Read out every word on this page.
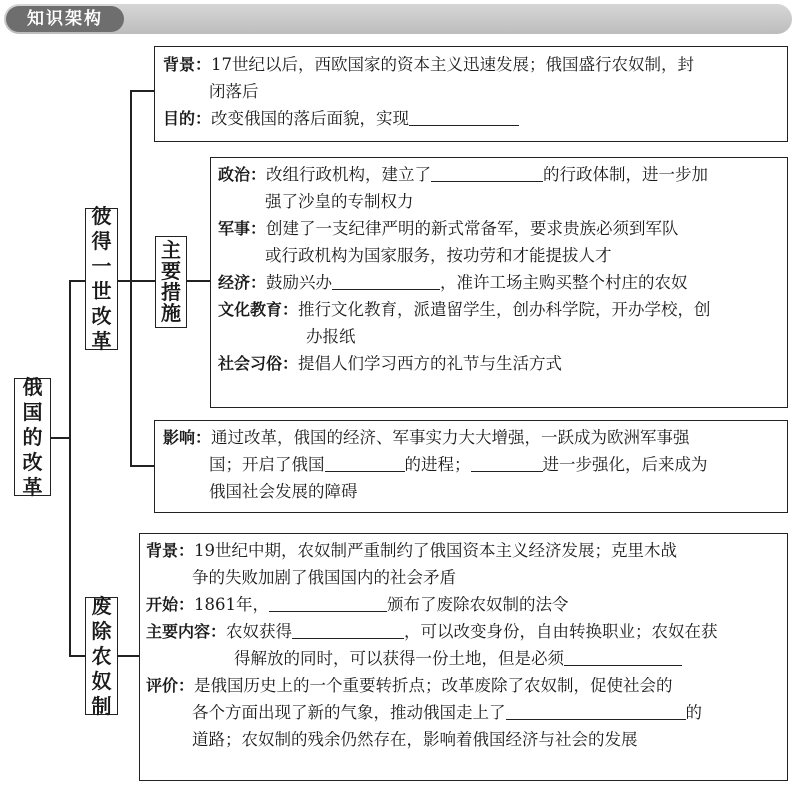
知识架构
俄
国
的
改
革
彼
得
一
世
改
革
废
除
农
奴
制
主
要
措
施
背景：17世纪以后，西欧国家的资本主义迅速发展；俄国盛行农奴制，封
闭落后
目的：改变俄国的落后面貌，实现
政治：改组行政机构，建立了	的行政体制，进一步加
强了沙皇的专制权力
军事：创建了一支纪律严明的新式常备军，要求贵族必须到军队
或行政机构为国家服务，按功劳和才能提拔人才
经济：鼓励兴办	，准许工场主购买整个村庄的农奴
文化教育：推行文化教育，派遣留学生，创办科学院，开办学校，创
办报纸
社会习俗：提倡人们学习西方的礼节与生活方式
影响：通过改革，俄国的经济、军事实力大大增强，一跃成为欧洲军事强
国；开启了俄国	的进程；	进一步强化，后来成为
俄国社会发展的障碍
背景：19世纪中期，农奴制严重制约了俄国资本主义经济发展；克里木战
争的失败加剧了俄国国内的社会矛盾
开始：1861年，	颁布了废除农奴制的法令
主要内容：农奴获得	，可以改变身份，自由转换职业；农奴在获
得解放的同时，可以获得一份土地，但是必须
评价：是俄国历史上的一个重要转折点；改革废除了农奴制，促使社会的
各个方面出现了新的气象，推动俄国走上了	的
道路；农奴制的残余仍然存在，影响着俄国经济与社会的发展
